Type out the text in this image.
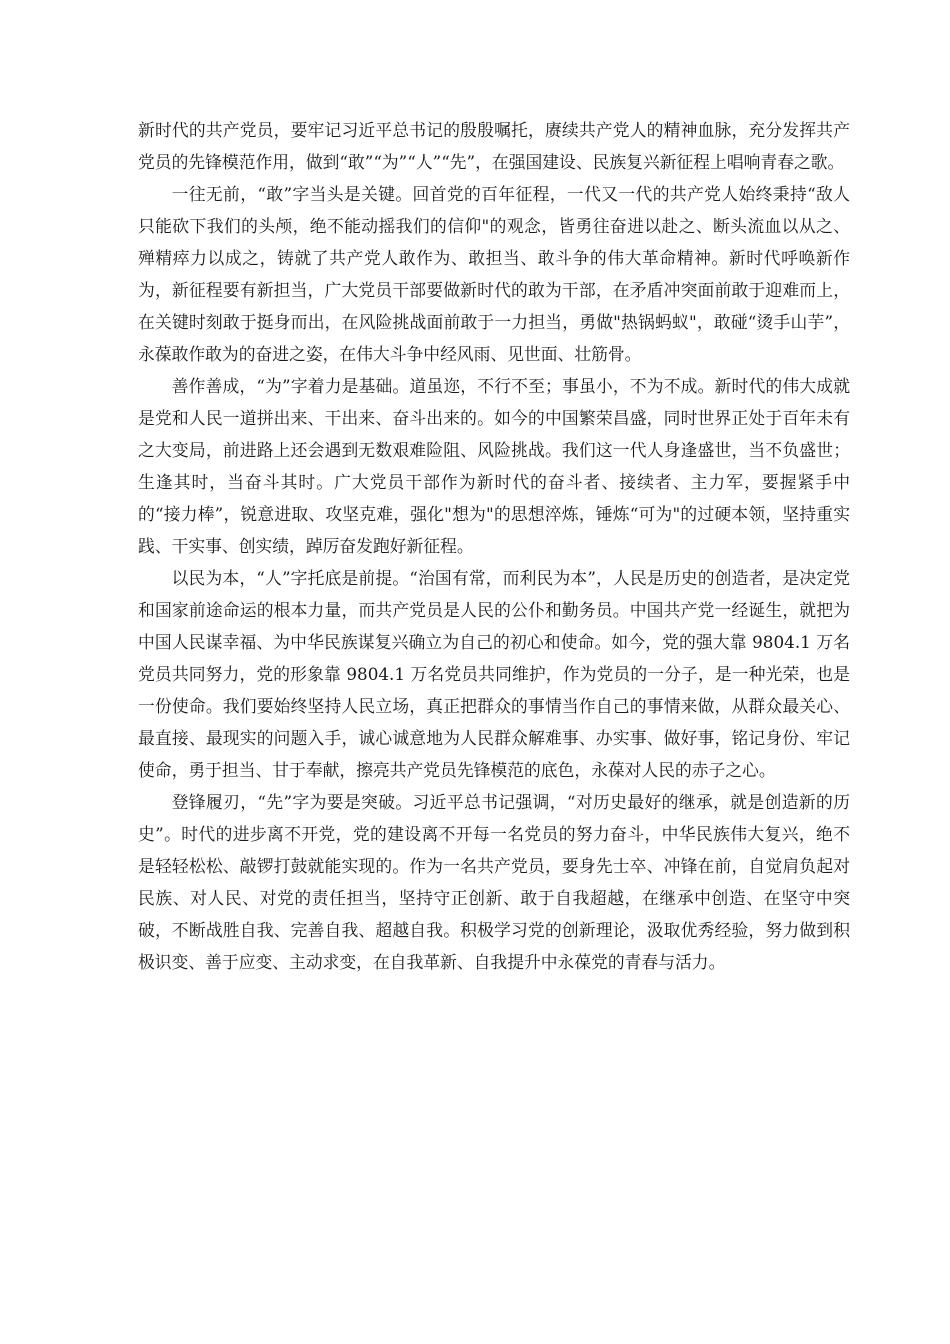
新时代的共产党员，要牢记习近平总书记的殷殷嘱托，赓续共产党人的精神血脉，充分发挥共产党员的先锋模范作用，做到“敢”“为”“人”“先”，在强国建设、民族复兴新征程上唱响青春之歌。

一往无前，“敢”字当头是关键。回首党的百年征程，一代又一代的共产党人始终秉持“敌人只能砍下我们的头颅，绝不能动摇我们的信仰"的观念，皆勇往奋进以赴之、断头流血以从之、殚精瘁力以成之，铸就了共产党人敢作为、敢担当、敢斗争的伟大革命精神。新时代呼唤新作为，新征程要有新担当，广大党员干部要做新时代的敢为干部，在矛盾冲突面前敢于迎难而上，在关键时刻敢于挺身而出，在风险挑战面前敢于一力担当，勇做"热锅蚂蚁"，敢碰“烫手山芋”，永葆敢作敢为的奋进之姿，在伟大斗争中经风雨、见世面、壮筋骨。

善作善成，“为”字着力是基础。道虽迩，不行不至；事虽小，不为不成。新时代的伟大成就是党和人民一道拼出来、干出来、奋斗出来的。如今的中国繁荣昌盛，同时世界正处于百年未有之大变局，前进路上还会遇到无数艰难险阻、风险挑战。我们这一代人身逢盛世，当不负盛世；生逢其时，当奋斗其时。广大党员干部作为新时代的奋斗者、接续者、主力军，要握紧手中的“接力棒”，锐意进取、攻坚克难，强化"想为"的思想淬炼，锤炼“可为"的过硬本领，坚持重实践、干实事、创实绩，踔厉奋发跑好新征程。

以民为本，“人”字托底是前提。“治国有常，而利民为本”，人民是历史的创造者，是决定党和国家前途命运的根本力量，而共产党员是人民的公仆和勤务员。中国共产党一经诞生，就把为中国人民谋幸福、为中华民族谋复兴确立为自己的初心和使命。如今，党的强大靠 9804.1 万名党员共同努力，党的形象靠 9804.1 万名党员共同维护，作为党员的一分子，是一种光荣，也是一份使命。我们要始终坚持人民立场，真正把群众的事情当作自己的事情来做，从群众最关心、最直接、最现实的问题入手，诚心诚意地为人民群众解难事、办实事、做好事，铭记身份、牢记使命，勇于担当、甘于奉献，擦亮共产党员先锋模范的底色，永葆对人民的赤子之心。

登锋履刃，“先”字为要是突破。习近平总书记强调，“对历史最好的继承，就是创造新的历史”。时代的进步离不开党，党的建设离不开每一名党员的努力奋斗，中华民族伟大复兴，绝不是轻轻松松、敲锣打鼓就能实现的。作为一名共产党员，要身先士卒、冲锋在前，自觉肩负起对民族、对人民、对党的责任担当，坚持守正创新、敢于自我超越，在继承中创造、在坚守中突破，不断战胜自我、完善自我、超越自我。积极学习党的创新理论，汲取优秀经验，努力做到积极识变、善于应变、主动求变，在自我革新、自我提升中永葆党的青春与活力。
